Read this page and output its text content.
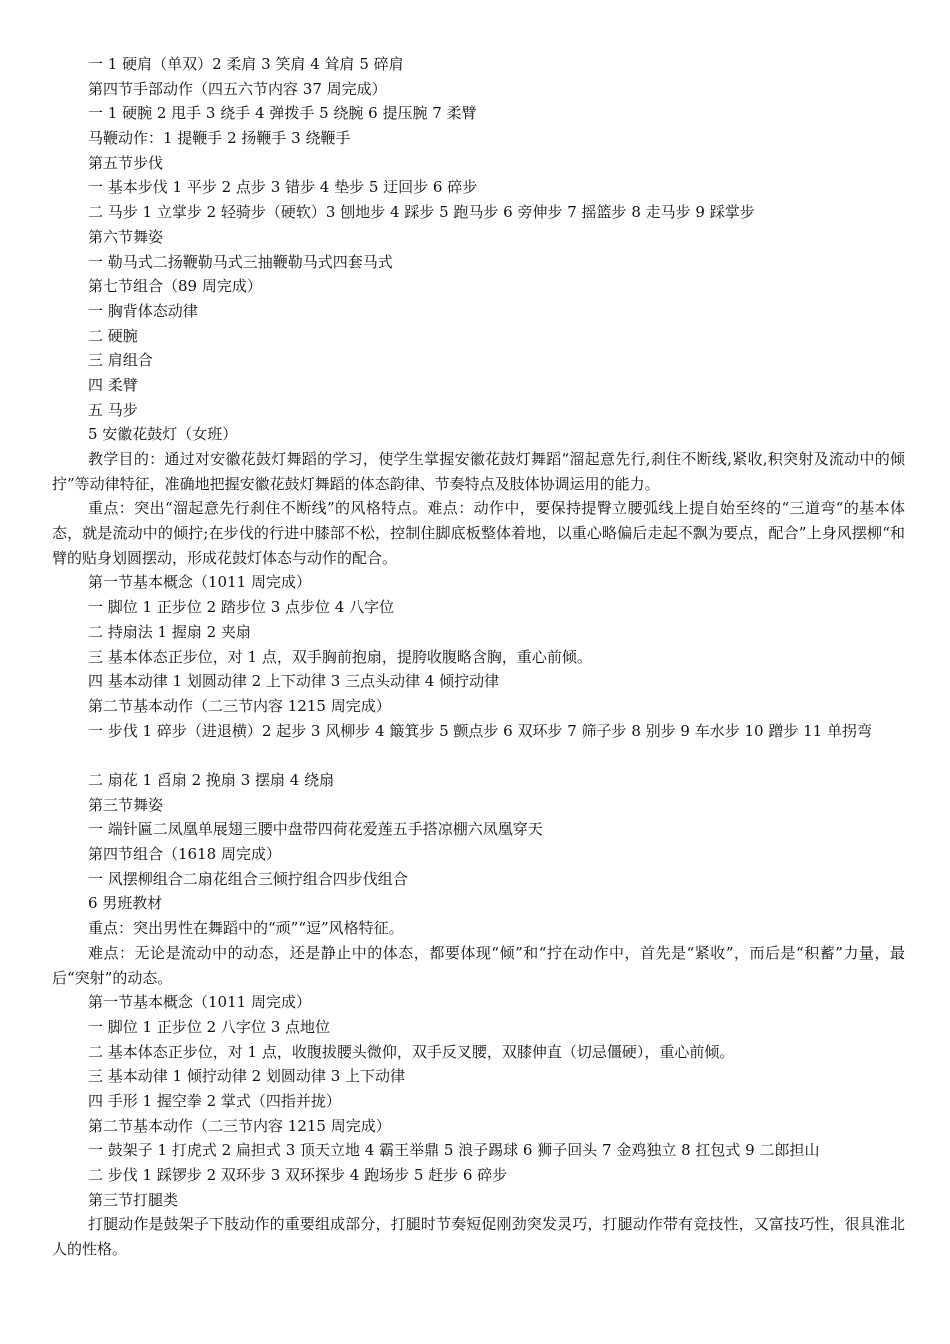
一 1 硬肩（单双）2 柔肩 3 笑肩 4 耸肩 5 碎肩
第四节手部动作（四五六节内容 37 周完成）
一 1 硬腕 2 甩手 3 绕手 4 弹拨手 5 绕腕 6 提压腕 7 柔臂
马鞭动作：1 提鞭手 2 扬鞭手 3 绕鞭手
第五节步伐
一 基本步伐 1 平步 2 点步 3 错步 4 垫步 5 迂回步 6 碎步
二 马步 1 立掌步 2 轻骑步（硬软）3 刨地步 4 踩步 5 跑马步 6 旁伸步 7 摇篮步 8 走马步 9 踩掌步
第六节舞姿
一 勒马式二扬鞭勒马式三抽鞭勒马式四套马式
第七节组合（89 周完成）
一 胸背体态动律
二 硬腕
三 肩组合
四 柔臂
五 马步
5 安徽花鼓灯（女班）

教学目的：通过对安徽花鼓灯舞蹈的学习，使学生掌握安徽花鼓灯舞蹈“溜起意先行,刹住不断线,紧收,积突射及流动中的倾拧”等动律特征，准确地把握安徽花鼓灯舞蹈的体态韵律、节奏特点及肢体协调运用的能力。

重点：突出“溜起意先行刹住不断线”的风格特点。难点：动作中，要保持提臀立腰弧线上提自始至终的“三道弯“的基本体态，就是流动中的倾拧;在步伐的行进中膝部不松，控制住脚底板整体着地，以重心略偏后走起不飘为要点，配合”上身风摆柳“和臂的贴身划圆摆动，形成花鼓灯体态与动作的配合。

第一节基本概念（1011 周完成）
一 脚位 1 正步位 2 踏步位 3 点步位 4 八字位
二 持扇法 1 握扇 2 夹扇
三 基本体态正步位，对 1 点，双手胸前抱扇，提胯收腹略含胸，重心前倾。
四 基本动律 1 划圆动律 2 上下动律 3 三点头动律 4 倾拧动律
第二节基本动作（二三节内容 1215 周完成）

一 步伐 1 碎步（进退横）2 起步 3 风柳步 4 簸箕步 5 颤点步 6 双环步 7 筛子步 8 别步 9 车水步 10 蹭步 11 单拐弯

二 扇花 1 舀扇 2 挽扇 3 摆扇 4 绕扇
第三节舞姿
一 端针匾二凤凰单展翅三腰中盘带四荷花爱莲五手搭凉棚六凤凰穿天
第四节组合（1618 周完成）
一 风摆柳组合二扇花组合三倾拧组合四步伐组合
6 男班教材
重点：突出男性在舞蹈中的“顽”“逗”风格特征。

难点：无论是流动中的动态，还是静止中的体态，都要体现“倾”和“拧在动作中，首先是“紧收”，而后是“积蓄”力量，最后“突射”的动态。

第一节基本概念（1011 周完成）
一 脚位 1 正步位 2 八字位 3 点地位
二 基本体态正步位，对 1 点，收腹拔腰头微仰，双手反叉腰，双膝伸直（切忌僵硬），重心前倾。
三 基本动律 1 倾拧动律 2 划圆动律 3 上下动律
四 手形 1 握空拳 2 掌式（四指并拢）
第二节基本动作（二三节内容 1215 周完成）
一 鼓架子 1 打虎式 2 扁担式 3 顶天立地 4 霸王举鼎 5 浪子踢球 6 狮子回头 7 金鸡独立 8 扛包式 9 二郎担山
二 步伐 1 踩锣步 2 双环步 3 双环探步 4 跑场步 5 赶步 6 碎步
第三节打腿类

打腿动作是鼓架子下肢动作的重要组成部分，打腿时节奏短促刚劲突发灵巧，打腿动作带有竞技性，又富技巧性，很具淮北人的性格。
